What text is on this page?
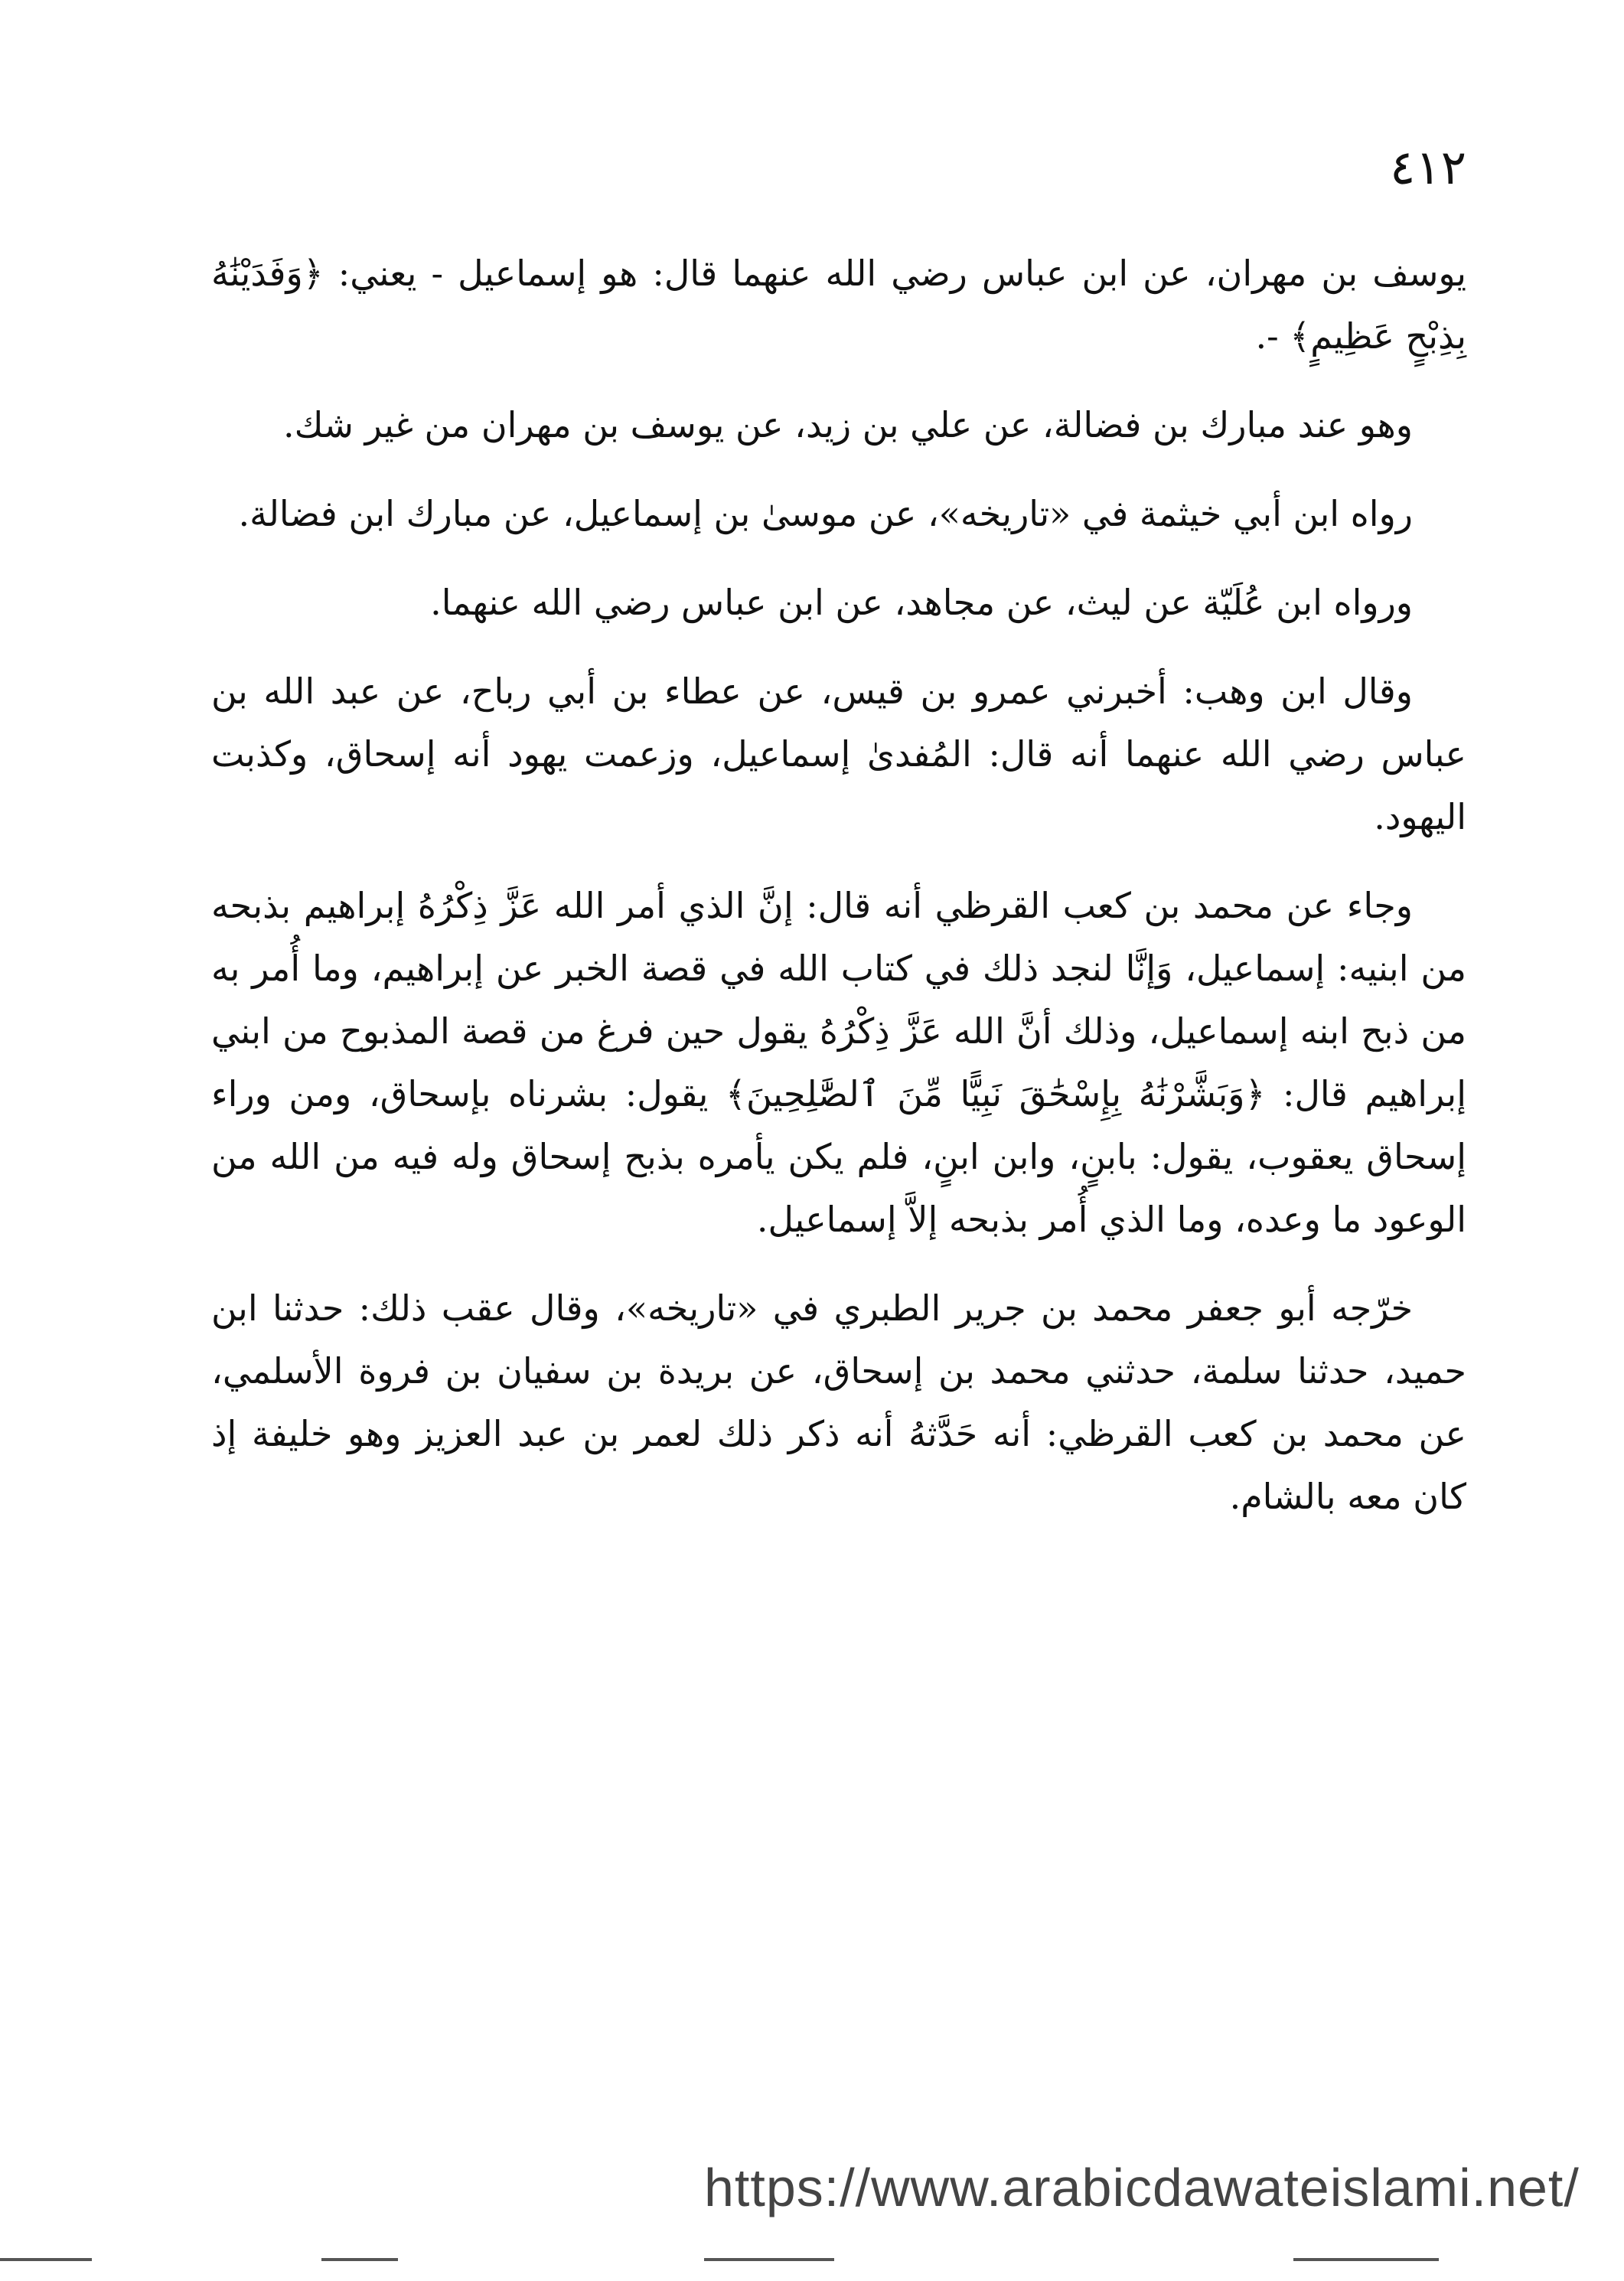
٤١٢

يوسف بن مهران، عن ابن عباس رضي الله عنهما قال: هو إسماعيل - يعني: ﴿وَفَدَيْنَٰهُ بِذِبْحٍ عَظِيمٍ﴾ -.

وهو عند مبارك بن فضالة، عن علي بن زيد، عن يوسف بن مهران من غير شك.

رواه ابن أبي خيثمة في «تاريخه»، عن موسىٰ بن إسماعيل، عن مبارك ابن فضالة.

ورواه ابن عُلَيّة عن ليث، عن مجاهد، عن ابن عباس رضي الله عنهما.

وقال ابن وهب: أخبرني عمرو بن قيس، عن عطاء بن أبي رباح، عن عبد الله بن عباس رضي الله عنهما أنه قال: المُفدىٰ إسماعيل، وزعمت يهود أنه إسحاق، وكذبت اليهود.

وجاء عن محمد بن كعب القرظي أنه قال: إنَّ الذي أمر الله عَزَّ ذِكْرُهُ إبراهيم بذبحه من ابنيه: إسماعيل، وَإنَّا لنجد ذلك في كتاب الله في قصة الخبر عن إبراهيم، وما أُمر به من ذبح ابنه إسماعيل، وذلك أنَّ الله عَزَّ ذِكْرُهُ يقول حين فرغ من قصة المذبوح من ابني إبراهيم قال: ﴿وَبَشَّرْنَٰهُ بِإِسْحَٰقَ نَبِيًّا مِّنَ ٱلصَّٰلِحِينَ﴾ يقول: بشرناه بإسحاق، ومن وراء إسحاق يعقوب، يقول: بابنٍ، وابن ابنٍ، فلم يكن يأمره بذبح إسحاق وله فيه من الله من الوعود ما وعده، وما الذي أُمر بذبحه إلاَّ إسماعيل.

خرّجه أبو جعفر محمد بن جرير الطبري في «تاريخه»، وقال عقب ذلك: حدثنا ابن حميد، حدثنا سلمة، حدثني محمد بن إسحاق، عن بريدة بن سفيان بن فروة الأسلمي، عن محمد بن كعب القرظي: أنه حَدَّثهُ أنه ذكر ذلك لعمر بن عبد العزيز وهو خليفة إذ كان معه بالشام.

https://www.arabicdawateislami.net/
